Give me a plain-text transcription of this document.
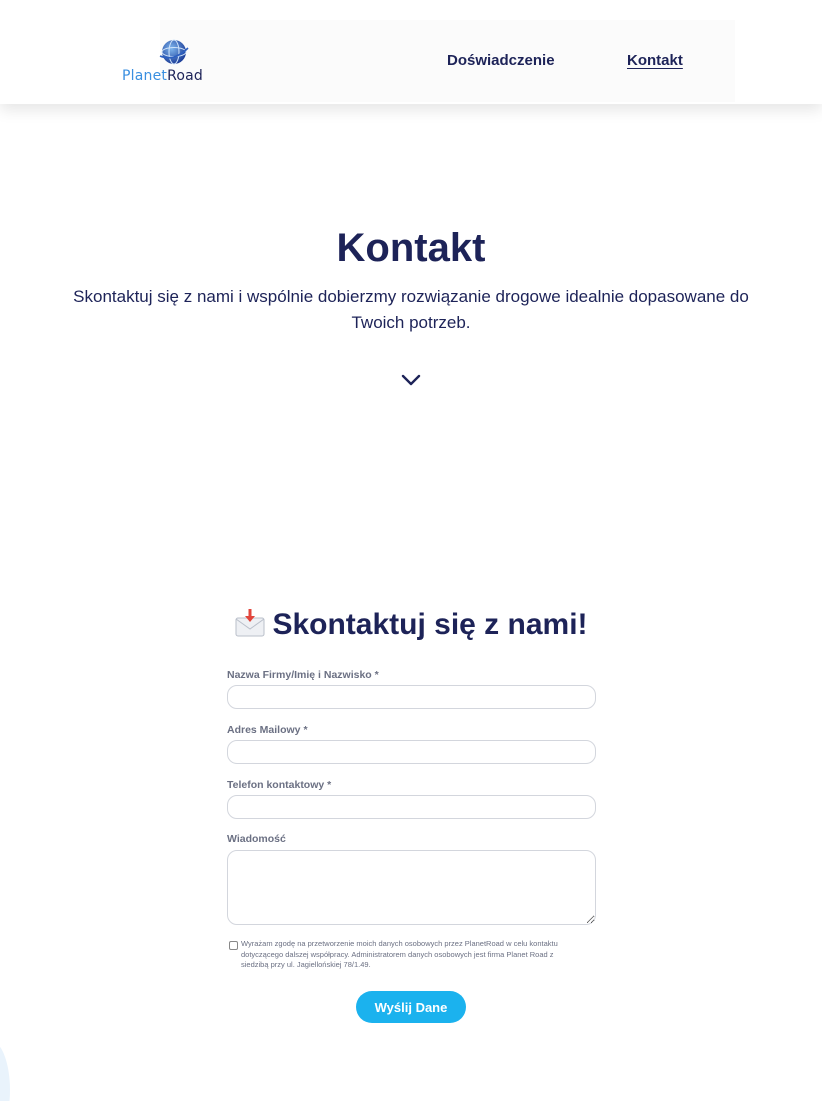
PlanetRoad
Doświadczenie	Kontakt
Kontakt

Skontaktuj się z nami i wspólnie dobierzmy rozwiązanie drogowe idealnie dopasowane do Twoich potrzeb.

Skontaktuj się z nami!
Nazwa Firmy/Imię i Nazwisko *
Adres Mailowy *
Telefon kontaktowy *
Wiadomość

Wyrażam zgodę na przetworzenie moich danych osobowych przez PlanetRoad w celu kontaktu dotyczącego dalszej współpracy. Administratorem danych osobowych jest firma Planet Road z siedzibą przy ul. Jagiellońskiej 78/1.49.

Wyślij Dane
